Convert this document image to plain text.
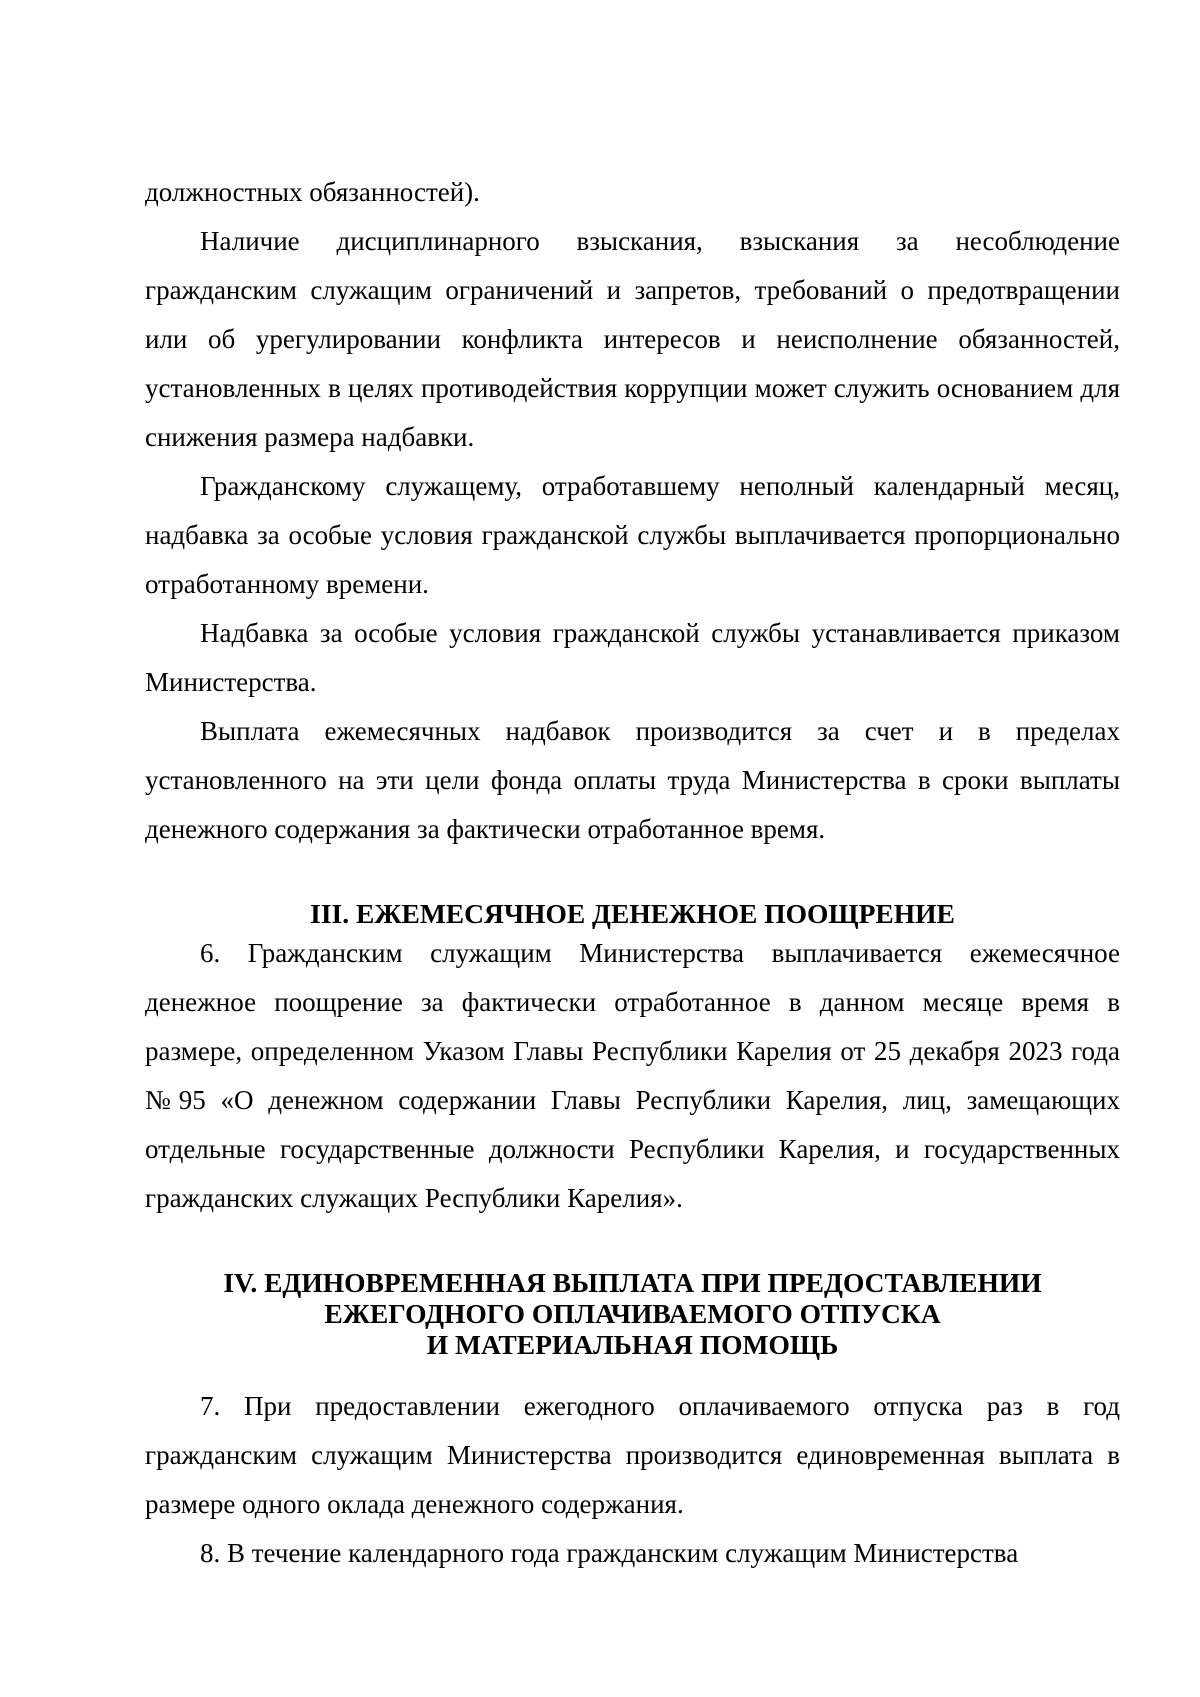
должностных обязанностей).

Наличие дисциплинарного взыскания, взыскания за несоблюдение гражданским служащим ограничений и запретов, требований о предотвращении или об урегулировании конфликта интересов и неисполнение обязанностей, установленных в целях противодействия коррупции может служить основанием для снижения размера надбавки.

Гражданскому служащему, отработавшему неполный календарный месяц, надбавка за особые условия гражданской службы выплачивается пропорционально отработанному времени.

Надбавка за особые условия гражданской службы устанавливается приказом Министерства.

Выплата ежемесячных надбавок производится за счет и в пределах установленного на эти цели фонда оплаты труда Министерства в сроки выплаты денежного содержания за фактически отработанное время.

III. ЕЖЕМЕСЯЧНОЕ ДЕНЕЖНОЕ ПООЩРЕНИЕ

6. Гражданским служащим Министерства выплачивается ежемесячное денежное поощрение за фактически отработанное в данном месяце время в размере, определенном Указом Главы Республики Карелия от 25 декабря 2023 года №95 «О денежном содержании Главы Республики Карелия, лиц, замещающих отдельные государственные должности Республики Карелия, и государственных гражданских служащих Республики Карелия».

IV. ЕДИНОВРЕМЕННАЯ ВЫПЛАТА ПРИ ПРЕДОСТАВЛЕНИИ
ЕЖЕГОДНОГО ОПЛАЧИВАЕМОГО ОТПУСКА
И МАТЕРИАЛЬНАЯ ПОМОЩЬ

7. При предоставлении ежегодного оплачиваемого отпуска раз в год гражданским служащим Министерства производится единовременная выплата в размере одного оклада денежного содержания.

8. В течение календарного года гражданским служащим Министерства
